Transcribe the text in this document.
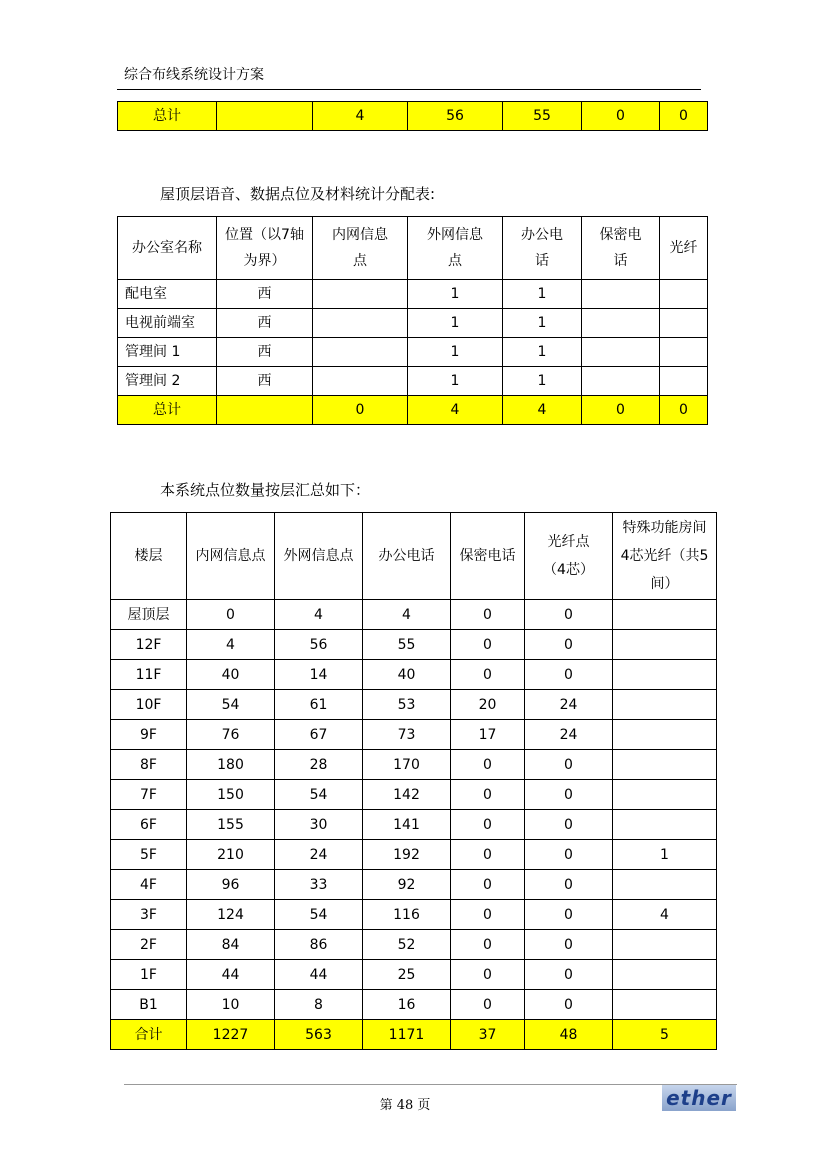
综合布线系统设计方案
总计		4	56	55	0	0
屋顶层语音、数据点位及材料统计分配表:
办公室名称	位置（以7轴为界）	内网信息点	外网信息点	办公电话	保密电话	光纤
配电室	西		1	1		
电视前端室	西		1	1		
管理间 1	西		1	1		
管理间 2	西		1	1		
总计		0	4	4	0	0
本系统点位数量按层汇总如下：
楼层	内网信息点	外网信息点	办公电话	保密电话	光纤点（4芯）	特殊功能房间4芯光纤（共5间）
屋顶层	0	4	4	0	0	
12F	4	56	55	0	0	
11F	40	14	40	0	0	
10F	54	61	53	20	24	
9F	76	67	73	17	24	
8F	180	28	170	0	0	
7F	150	54	142	0	0	
6F	155	30	141	0	0	
5F	210	24	192	0	0	1
4F	96	33	92	0	0	
3F	124	54	116	0	0	4
2F	84	86	52	0	0	
1F	44	44	25	0	0	
B1	10	8	16	0	0	
合计	1227	563	1171	37	48	5
第 48 页	ether
